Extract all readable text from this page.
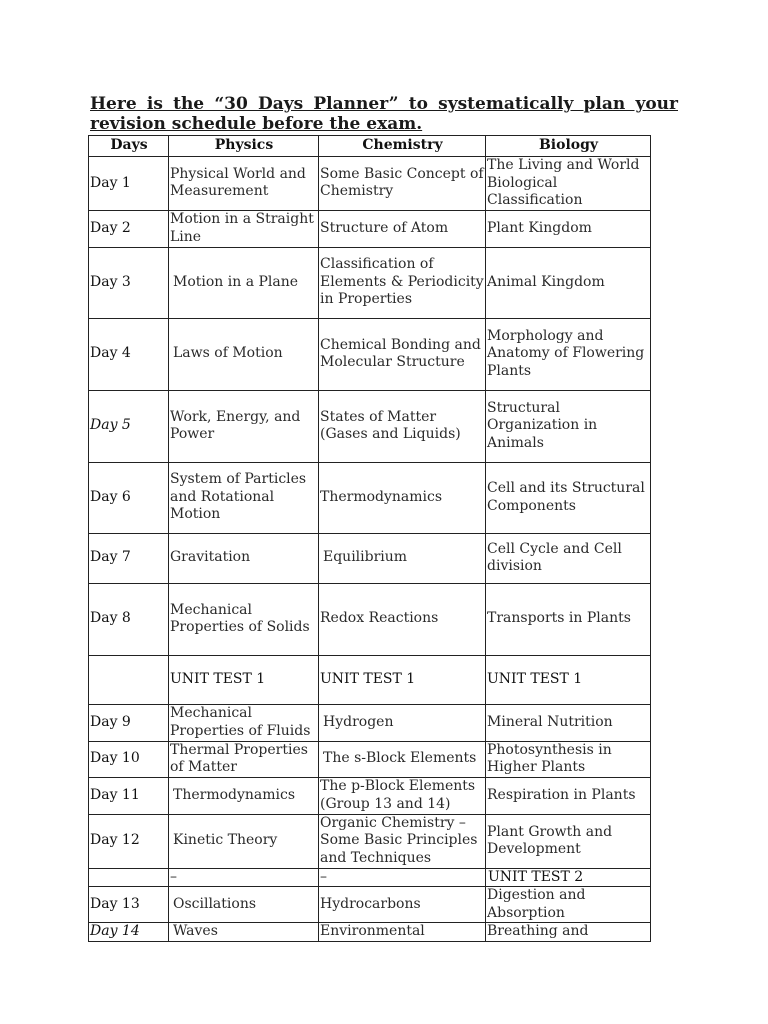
Here is the “30 Days Planner” to systematically plan your
revision schedule before the exam.
Days	Physics	Chemistry	Biology
Day 1	Physical World and Measurement	Some Basic Concept of Chemistry	The Living and World Biological Classification
Day 2	Motion in a Straight Line	Structure of Atom	Plant Kingdom
Day 3	Motion in a Plane	Classification of Elements & Periodicity in Properties	Animal Kingdom
Day 4	Laws of Motion	Chemical Bonding and Molecular Structure	Morphology and Anatomy of Flowering Plants
Day 5	Work, Energy, and Power	States of Matter (Gases and Liquids)	Structural Organization in Animals
Day 6	System of Particles and Rotational Motion	Thermodynamics	Cell and its Structural Components
Day 7	Gravitation	Equilibrium	Cell Cycle and Cell division
Day 8	Mechanical Properties of Solids	Redox Reactions	Transports in Plants
	UNIT TEST 1	UNIT TEST 1	UNIT TEST 1
Day 9	Mechanical Properties of Fluids	Hydrogen	Mineral Nutrition
Day 10	Thermal Properties of Matter	The s-Block Elements	Photosynthesis in Higher Plants
Day 11	Thermodynamics	The p-Block Elements (Group 13 and 14)	Respiration in Plants
Day 12	Kinetic Theory	Organic Chemistry – Some Basic Principles and Techniques	Plant Growth and Development
	–	–	UNIT TEST 2
Day 13	Oscillations	Hydrocarbons	Digestion and Absorption
Day 14	Waves	Environmental	Breathing and
